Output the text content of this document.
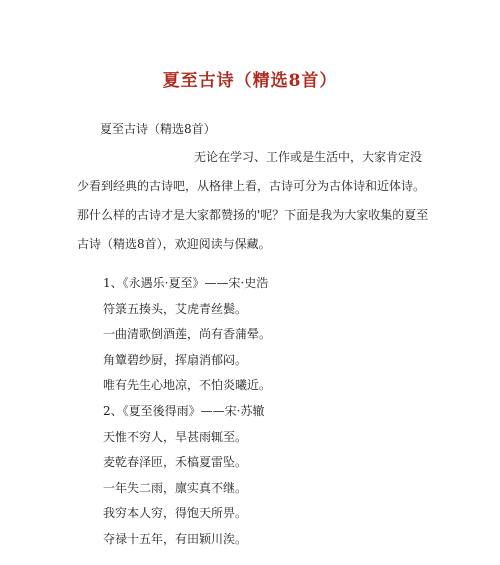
夏至古诗（精选8首）
夏至古诗（精选8首）
无论在学习、工作或是生活中，大家肯定没
少看到经典的古诗吧，从格律上看，古诗可分为古体诗和近体诗。
那什么样的古诗才是大家都赞扬的'呢？下面是我为大家收集的夏至
古诗（精选8首），欢迎阅读与保藏。
1、《永遇乐·夏至》——宋·史浩
符箓五揍头，艾虎青丝鬓。
一曲清歌倒酒莲，尚有香蒲晕。
角簟碧纱厨，挥扇消郁闷。
唯有先生心地凉，不怕炎曦近。
2、《夏至後得雨》——宋·苏辙
天惟不穷人，旱甚雨辄至。
麦乾春泽匝，禾槁夏雷坠。
一年失二雨，廪实真不继。
我穷本人穷，得饱天所畀。
夺禄十五年，有田颖川涘。
